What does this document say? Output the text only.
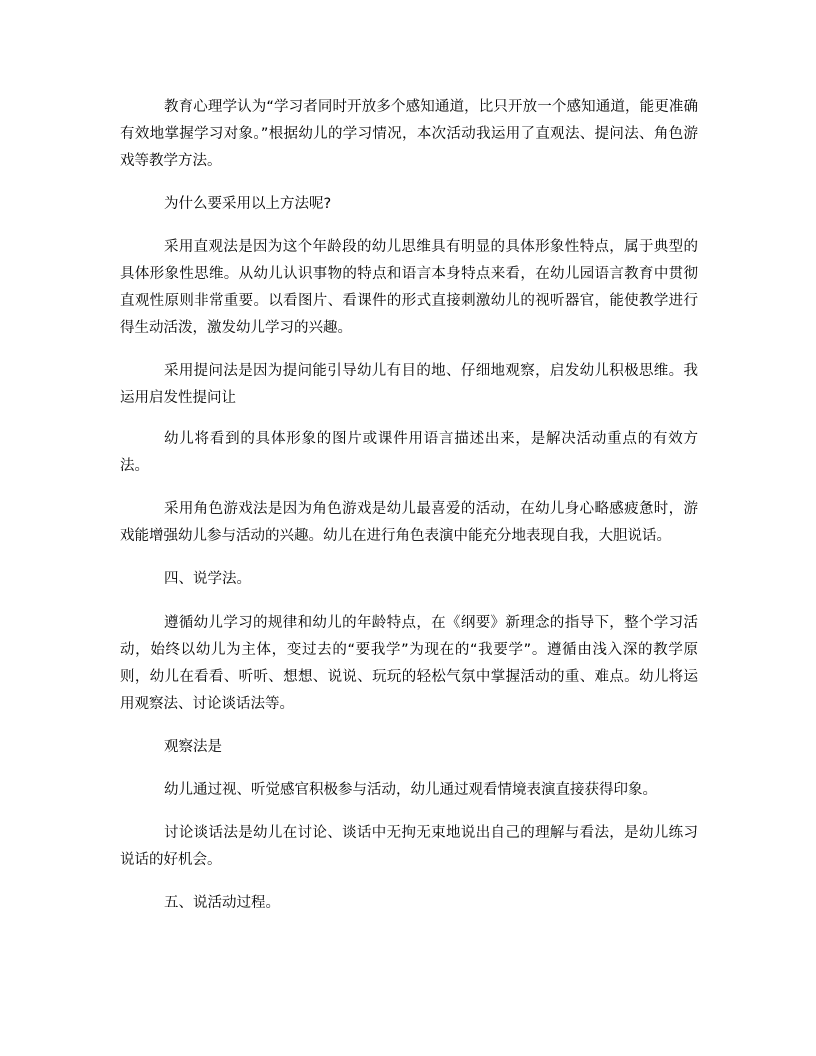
教育心理学认为“学习者同时开放多个感知通道，比只开放一个感知通道，能更准确有效地掌握学习对象。”根据幼儿的学习情况，本次活动我运用了直观法、提问法、角色游戏等教学方法。

为什么要采用以上方法呢?

采用直观法是因为这个年龄段的幼儿思维具有明显的具体形象性特点，属于典型的具体形象性思维。从幼儿认识事物的特点和语言本身特点来看，在幼儿园语言教育中贯彻直观性原则非常重要。以看图片、看课件的形式直接刺激幼儿的视听器官，能使教学进行得生动活泼，激发幼儿学习的兴趣。

采用提问法是因为提问能引导幼儿有目的地、仔细地观察，启发幼儿积极思维。我运用启发性提问让

幼儿将看到的具体形象的图片或课件用语言描述出来，是解决活动重点的有效方法。

采用角色游戏法是因为角色游戏是幼儿最喜爱的活动，在幼儿身心略感疲惫时，游戏能增强幼儿参与活动的兴趣。幼儿在进行角色表演中能充分地表现自我，大胆说话。

四、说学法。

遵循幼儿学习的规律和幼儿的年龄特点，在《纲要》新理念的指导下，整个学习活动，始终以幼儿为主体，变过去的“要我学”为现在的“我要学”。遵循由浅入深的教学原则，幼儿在看看、听听、想想、说说、玩玩的轻松气氛中掌握活动的重、难点。幼儿将运用观察法、讨论谈话法等。

观察法是

幼儿通过视、听觉感官积极参与活动，幼儿通过观看情境表演直接获得印象。

讨论谈话法是幼儿在讨论、谈话中无拘无束地说出自己的理解与看法，是幼儿练习说话的好机会。

五、说活动过程。
